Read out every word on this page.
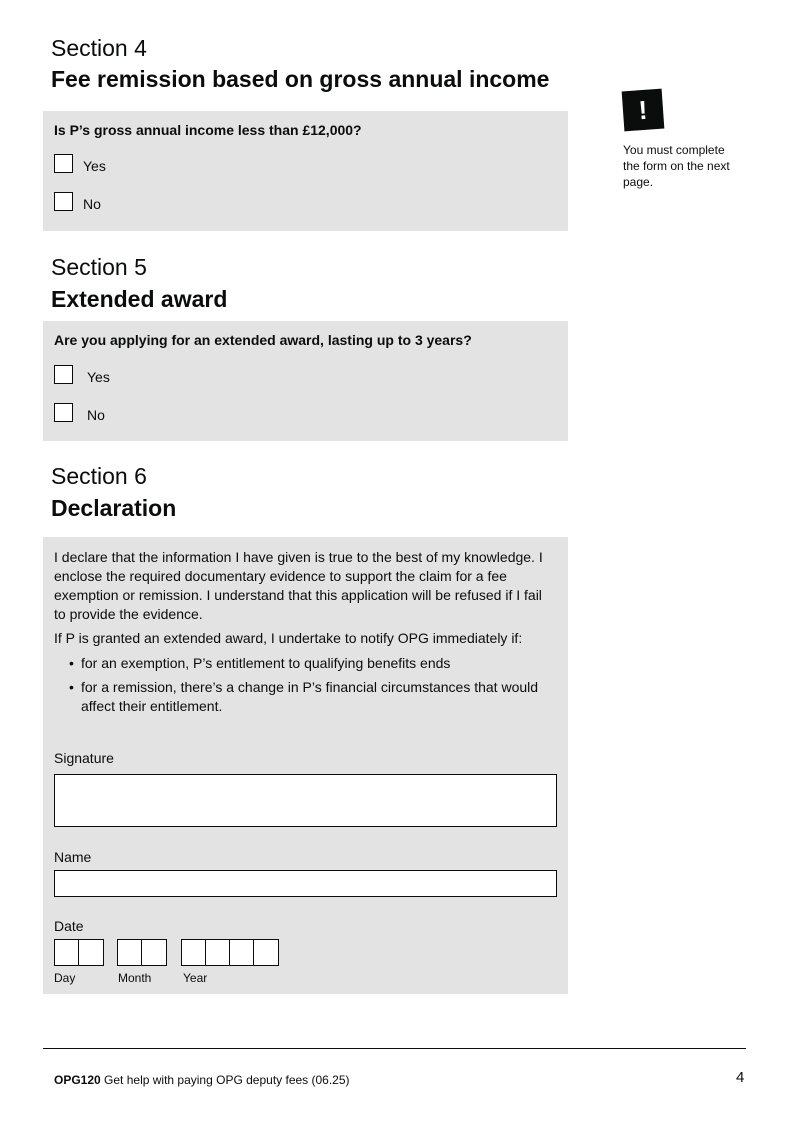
Section 4
Fee remission based on gross annual income
Is P’s gross annual income less than £12,000?
Yes
No
!
You must complete the form on the next page.
Section 5
Extended award
Are you applying for an extended award, lasting up to 3 years?
Yes
No
Section 6
Declaration

I declare that the information I have given is true to the best of my knowledge. I enclose the required documentary evidence to support the claim for a fee exemption or remission. I understand that this application will be refused if I fail to provide the evidence.

If P is granted an extended award, I undertake to notify OPG immediately if:

• for an exemption, P’s entitlement to qualifying benefits ends
• for a remission, there’s a change in P’s financial circumstances that would affect their entitlement.
Signature
Name
Date
Day	Month	Year
OPG120 Get help with paying OPG deputy fees (06.25)	4
